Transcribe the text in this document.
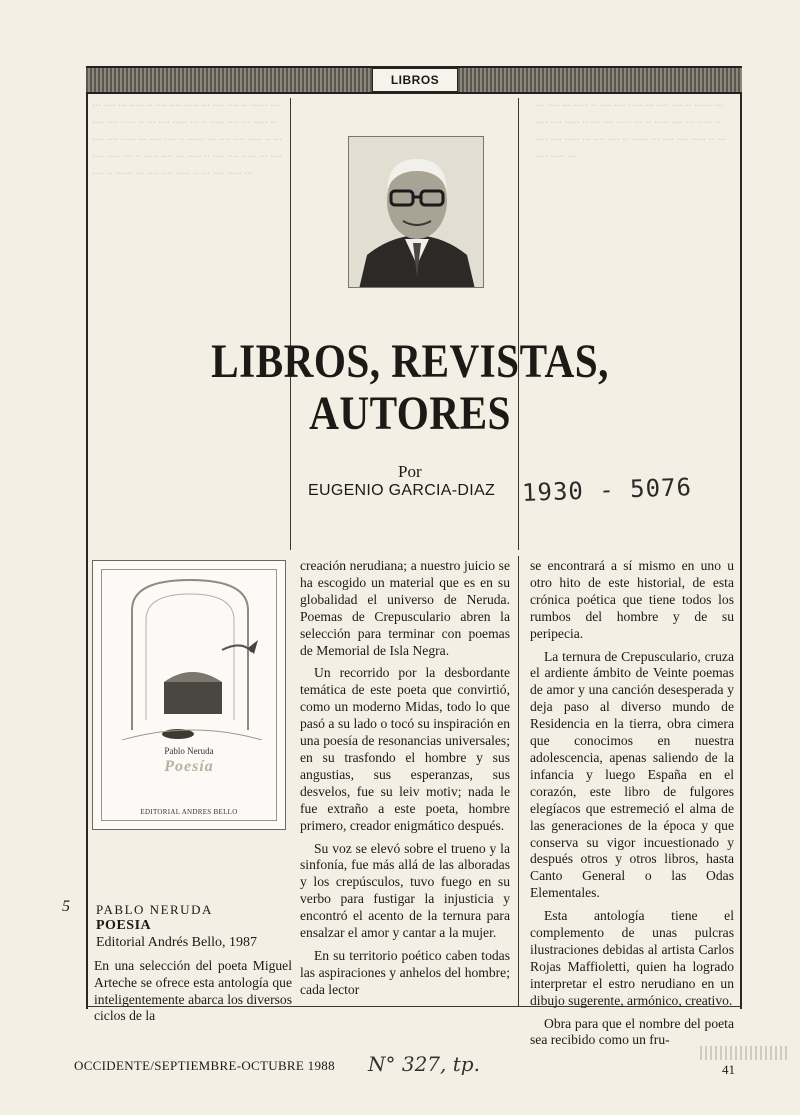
LIBROS
··· ···· ··· ····· ·· ···· ···· ····· ··· ···· ···· ·· ······ ··· ···· ···· ····· ·· ··· ···· ····· ··· ·· ····· ···· ··· ····· ·· ···· ···· ····· ··· ···· ···· ·· ······ ··· ···· ···· ····· ·· ··· ···· ····· ··· ·· ····· ···· ··· ····· ·· ···· ···· ····· ··· ···· ···· ·· ······ ··· ···· ···· ····· ·· ··· ···· ····· ···
··· ···· ··· ····· ·· ···· ···· ····· ··· ···· ···· ·· ······ ··· ···· ···· ····· ·· ··· ···· ····· ··· ·· ····· ···· ··· ····· ·· ···· ···· ····· ··· ···· ···· ·· ······ ··· ···· ···· ····· ·· ··· ···· ····· ···
LIBROS, REVISTAS,
AUTORES
Por
EUGENIO GARCIA-DIAZ 1930 - 5076
Pablo Neruda
Poesía
EDITORIAL ANDRES BELLO
5 PABLO NERUDA
POESIA
Editorial Andrés Bello, 1987
En una selección del poeta Miguel Arteche se ofrece esta antología que inteligentemente abarca los diversos ciclos de la

creación nerudiana; a nuestro juicio se ha escogido un material que es en su globalidad el universo de Neruda. Poemas de Crepusculario abren la selección para terminar con poemas de Memorial de Isla Negra.

Un recorrido por la desbordante temática de este poeta que convirtió, como un moderno Midas, todo lo que pasó a su lado o tocó su inspiración en una poesía de resonancias universales; en su trasfondo el hombre y sus angustias, sus esperanzas, sus desvelos, fue su leiv motiv; nada le fue extraño a este poeta, hombre primero, creador enigmático después.

Su voz se elevó sobre el trueno y la sinfonía, fue más allá de las alboradas y los crepúsculos, tuvo fuego en su verbo para fustigar la injusticia y encontró el acento de la ternura para ensalzar el amor y cantar a la mujer.

En su territorio poético caben todas las aspiraciones y anhelos del hombre; cada lector

se encontrará a sí mismo en uno u otro hito de este historial, de esta crónica poética que tiene todos los rumbos del hombre y de su peripecia.

La ternura de Crepusculario, cruza el ardiente ámbito de Veinte poemas de amor y una canción desesperada y deja paso al diverso mundo de Residencia en la tierra, obra cimera que conocimos en nuestra adolescencia, apenas saliendo de la infancia y luego España en el corazón, este libro de fulgores elegíacos que estremeció el alma de las generaciones de la época y que conserva su vigor incuestionado y después otros y otros libros, hasta Canto General o las Odas Elementales.

Esta antología tiene el complemento de unas pulcras ilustraciones debidas al artista Carlos Rojas Maffioletti, quien ha logrado interpretar el estro nerudiano en un dibujo sugerente, armónico, creativo.

Obra para que el nombre del poeta sea recibido como un fru-

OCCIDENTE/SEPTIEMBRE-OCTUBRE 1988 N° 327, tp.	41
